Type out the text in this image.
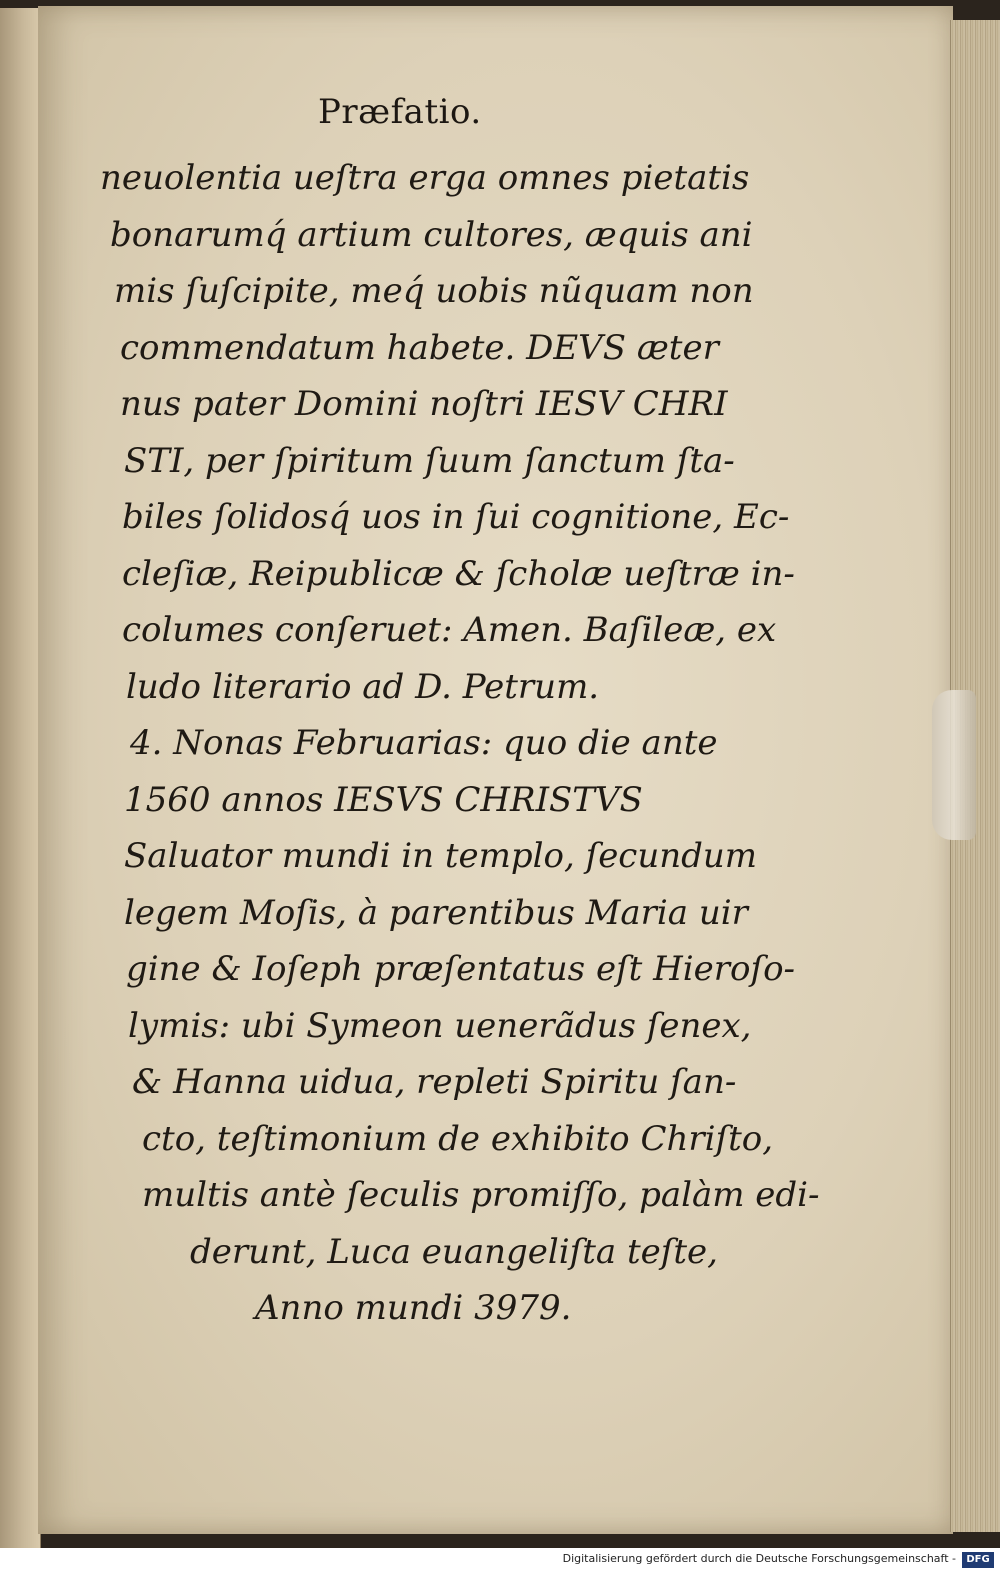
Præfatio.
neuolentia ueſtra erga omnes pietatis
bonarumq́ artium cultores, æquis ani
mis ſuſcipite, meq́ uobis nũquam non
commendatum habete. DEVS æter
nus pater Domini noſtri IESV CHRI
STI, per ſpiritum ſuum ſanctum ſta-
biles ſolidosq́ uos in ſui cognitione, Ec-
cleſiæ, Reipublicæ & ſcholæ ueſtræ in-
columes conſeruet: Amen. Baſileæ, ex
ludo literario ad D. Petrum.
4. Nonas Februarias: quo die ante
1560 annos IESVS CHRISTVS
Saluator mundi in templo, ſecundum
legem Moſis, à parentibus Maria uir
gine & Ioſeph præſentatus eſt Hieroſo-
lymis: ubi Symeon uenerãdus ſenex,
& Hanna uidua, repleti Spiritu ſan-
cto, teſtimonium de exhibito Chriſto,
multis antè ſeculis promiſſo, palàm edi-
derunt, Luca euangeliſta teſte,
Anno mundi 3979.
Digitalisierung gefördert durch die Deutsche Forschungsgemeinschaft -	DFG
